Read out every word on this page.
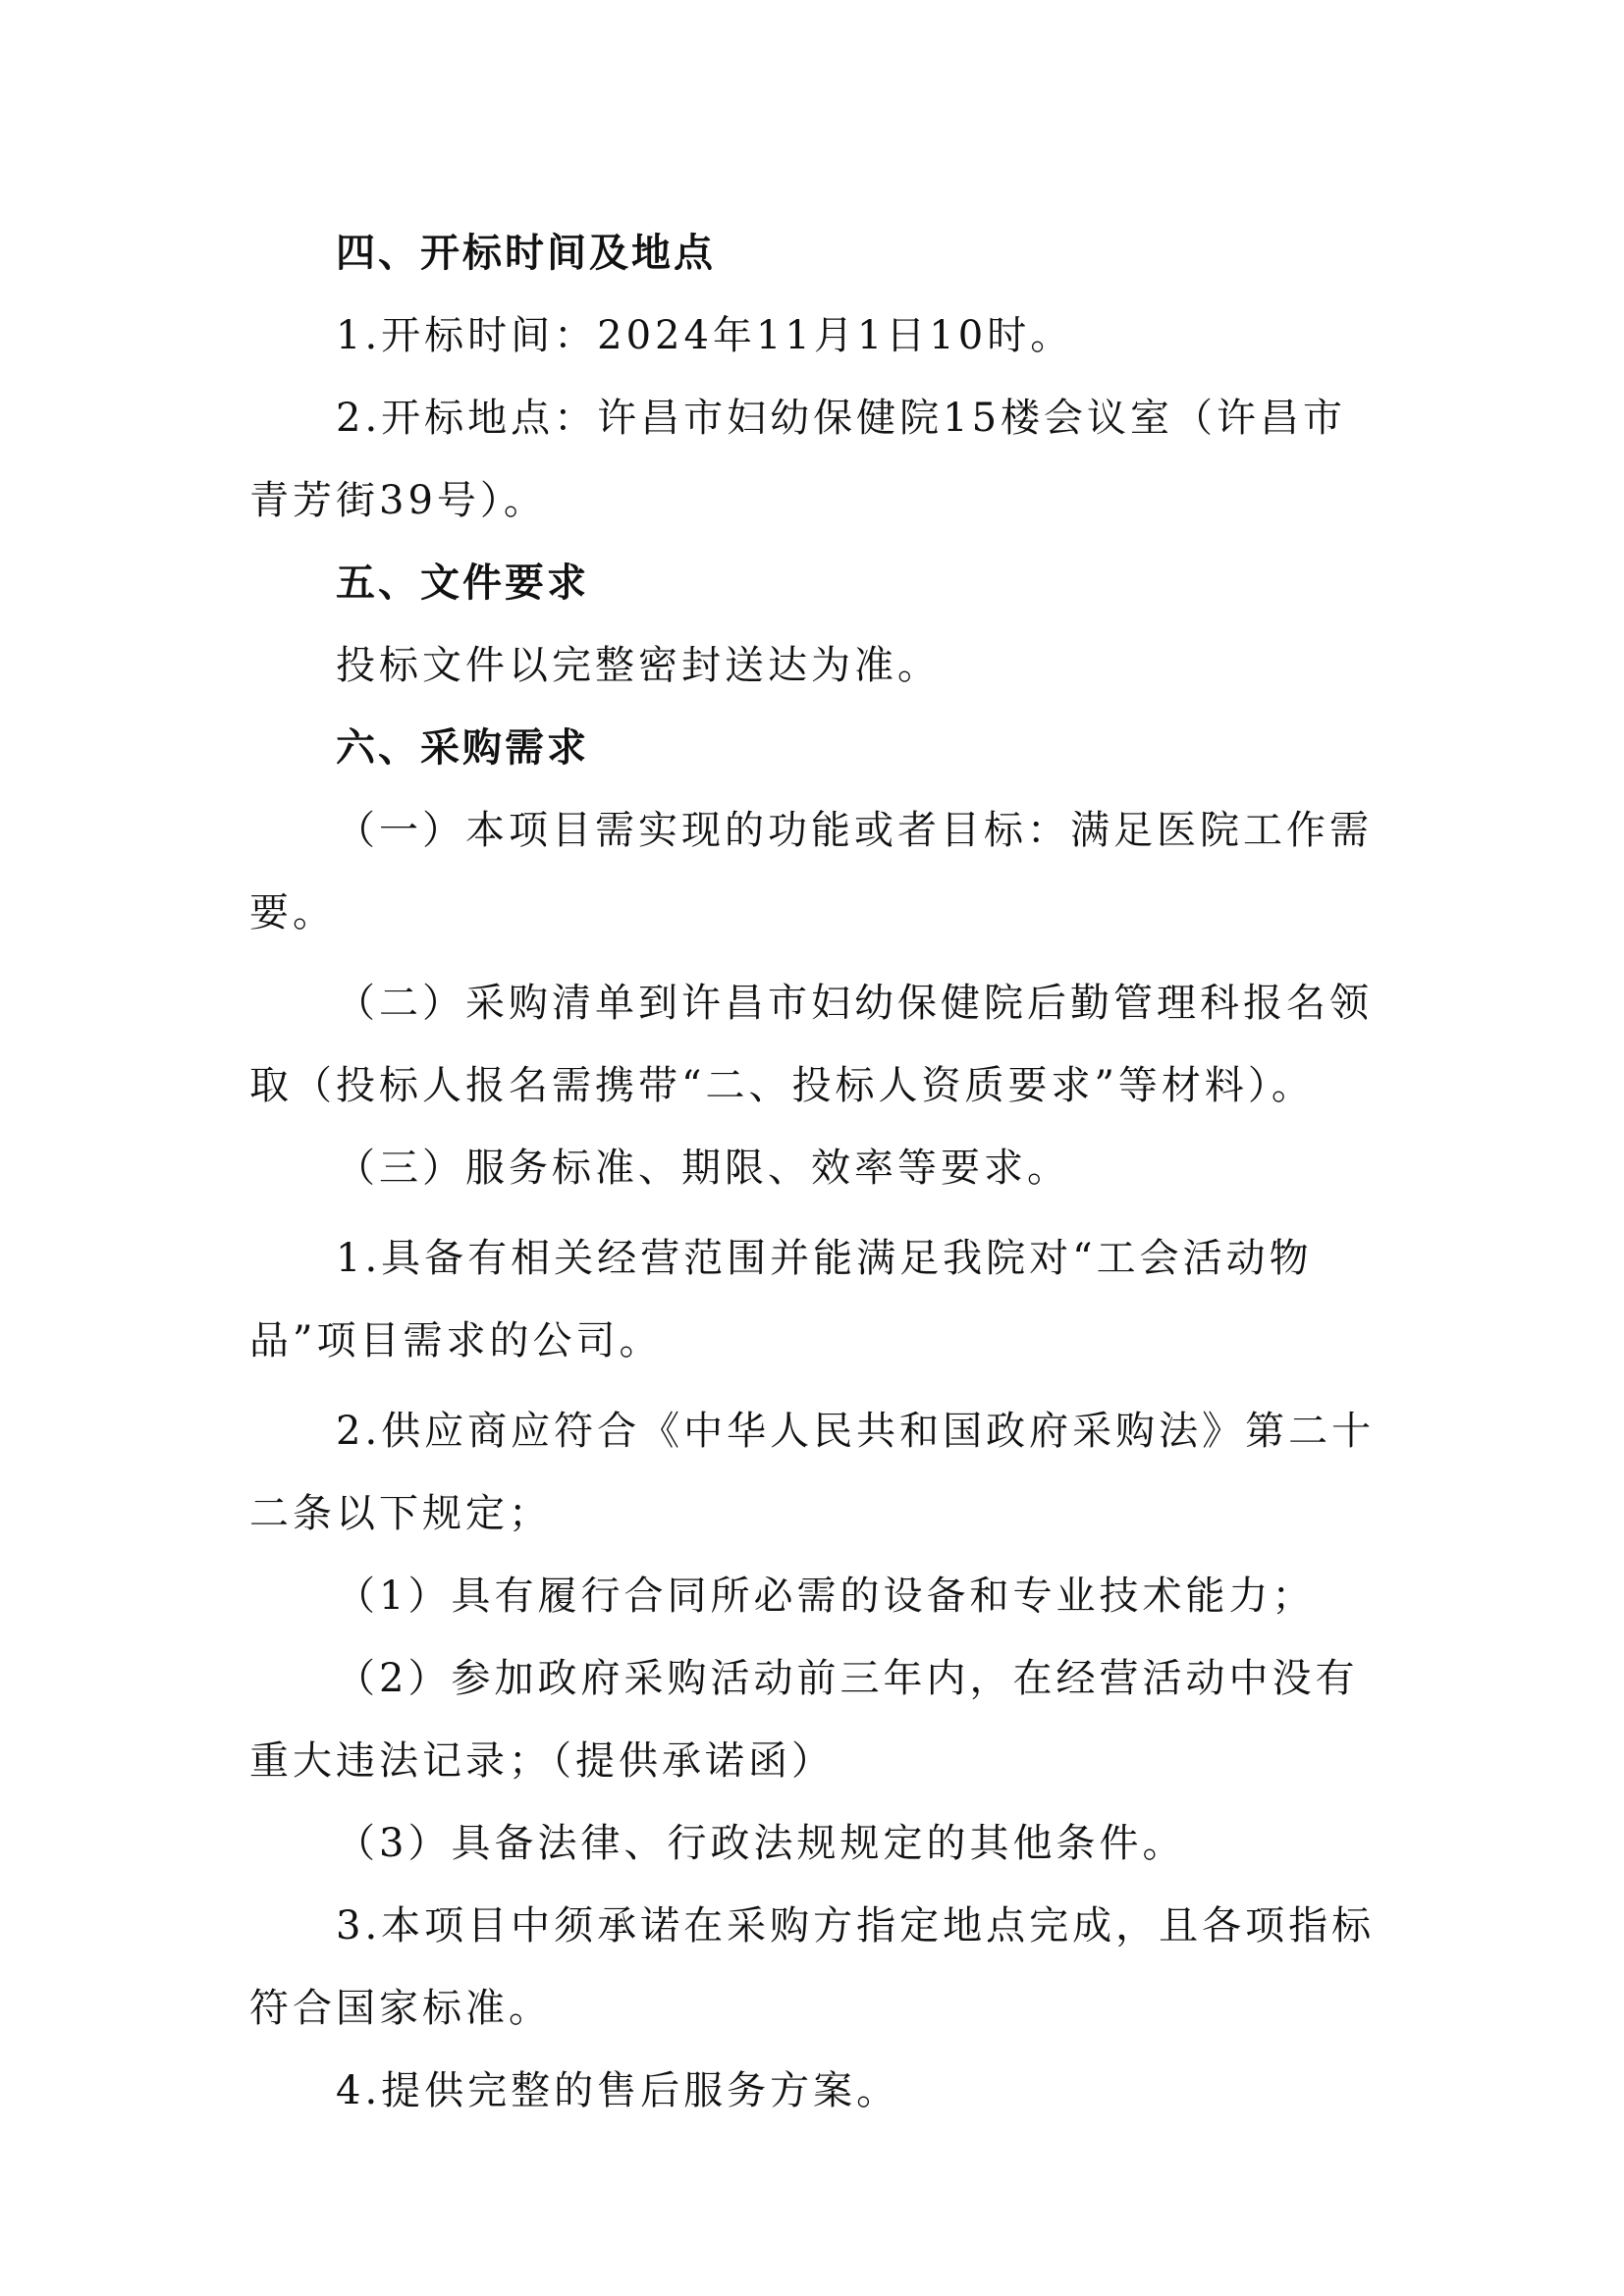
四、开标时间及地点
1.开标时间：2024年11月1日10时。
2.开标地点：许昌市妇幼保健院15楼会议室（许昌市
青芳街39号）。
五、文件要求
投标文件以完整密封送达为准。
六、采购需求
（一）本项目需实现的功能或者目标：满足医院工作需
要。
（二）采购清单到许昌市妇幼保健院后勤管理科报名领
取（投标人报名需携带“二、投标人资质要求”等材料）。
（三）服务标准、期限、效率等要求。
1.具备有相关经营范围并能满足我院对“工会活动物
品”项目需求的公司。
2.供应商应符合《中华人民共和国政府采购法》第二十
二条以下规定；
（1）具有履行合同所必需的设备和专业技术能力；
（2）参加政府采购活动前三年内，在经营活动中没有
重大违法记录；（提供承诺函）
（3）具备法律、行政法规规定的其他条件。
3.本项目中须承诺在采购方指定地点完成，且各项指标
符合国家标准。
4.提供完整的售后服务方案。
